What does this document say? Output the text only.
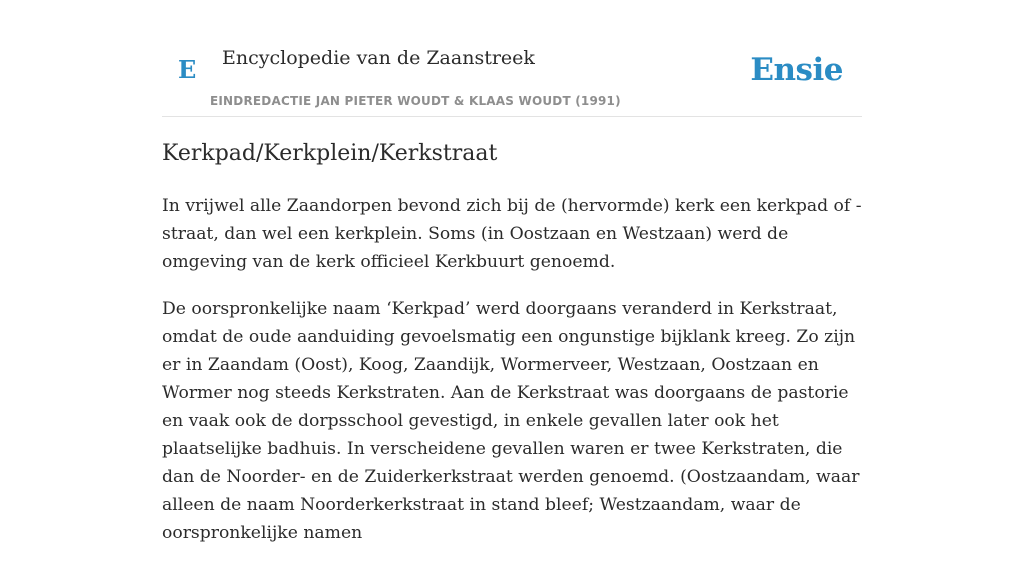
E Encyclopedie van de Zaanstreek
EINDREDACTIE JAN PIETER WOUDT & KLAAS WOUDT (1991)
Ensie
Kerkpad/Kerkplein/Kerkstraat

In vrijwel alle Zaandorpen bevond zich bij de (hervormde) kerk een kerkpad of -straat, dan wel een kerkplein. Soms (in Oostzaan en Westzaan) werd de omgeving van de kerk officieel Kerkbuurt genoemd.

De oorspronkelijke naam ‘Kerkpad’ werd doorgaans veranderd in Kerkstraat, omdat de oude aanduiding gevoelsmatig een ongunstige bijklank kreeg. Zo zijn er in Zaandam (Oost), Koog, Zaandijk, Wormerveer, Westzaan, Oostzaan en Wormer nog steeds Kerkstraten. Aan de Kerkstraat was doorgaans de pastorie en vaak ook de dorpsschool gevestigd, in enkele gevallen later ook het plaatselijke badhuis. In verscheidene gevallen waren er twee Kerkstraten, die dan de Noorder- en de Zuiderkerkstraat werden genoemd. (Oostzaandam, waar alleen de naam Noorderkerkstraat in stand bleef; Westzaandam, waar de oorspronkelijke namen
